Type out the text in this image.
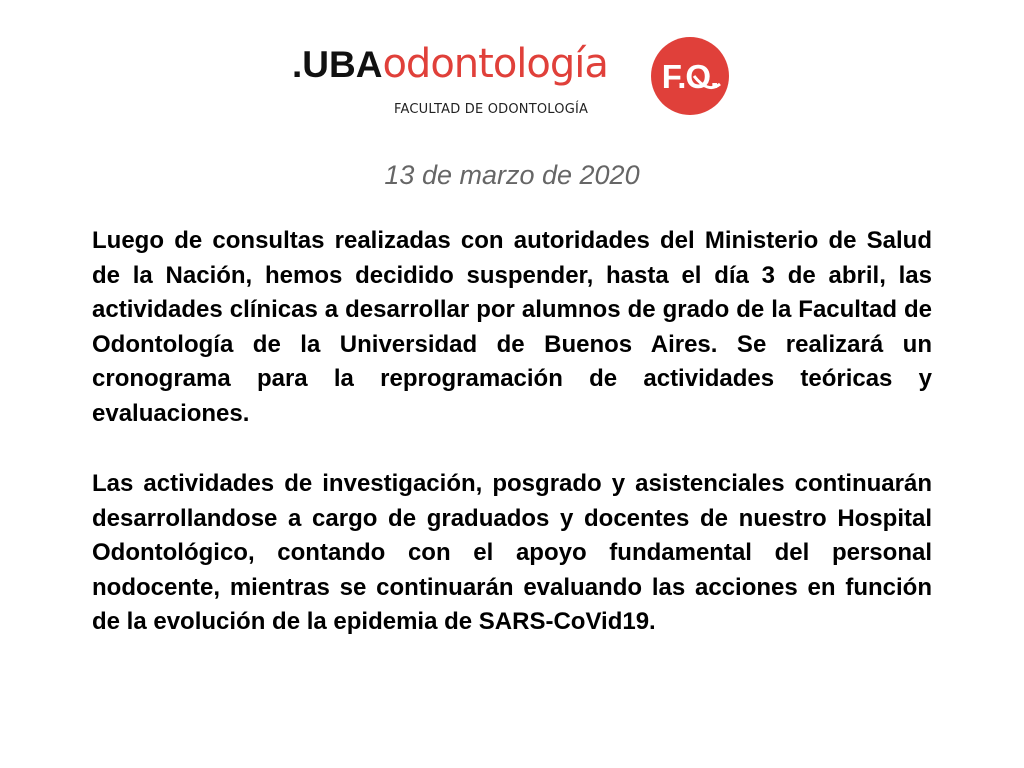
.UBAodontología
FACULTAD DE ODONTOLOGÍA
F.O.
13 de marzo de 2020

Luego de consultas realizadas con autoridades del Ministerio de Salud de la Nación, hemos decidido suspender, hasta el día 3 de abril, las actividades clínicas a desarrollar por alumnos de grado de la Facultad de Odontología de la Universidad de Buenos Aires. Se realizará un cronograma para la reprogramación de actividades teóricas y evaluaciones.

Las actividades de investigación, posgrado y asistenciales continuarán desarrollandose a cargo de graduados y docentes de nuestro Hospital Odontológico, contando con el apoyo fundamental del personal nodocente, mientras se continuarán evaluando las acciones en función de la evolución de la epidemia de SARS-CoVid19.
